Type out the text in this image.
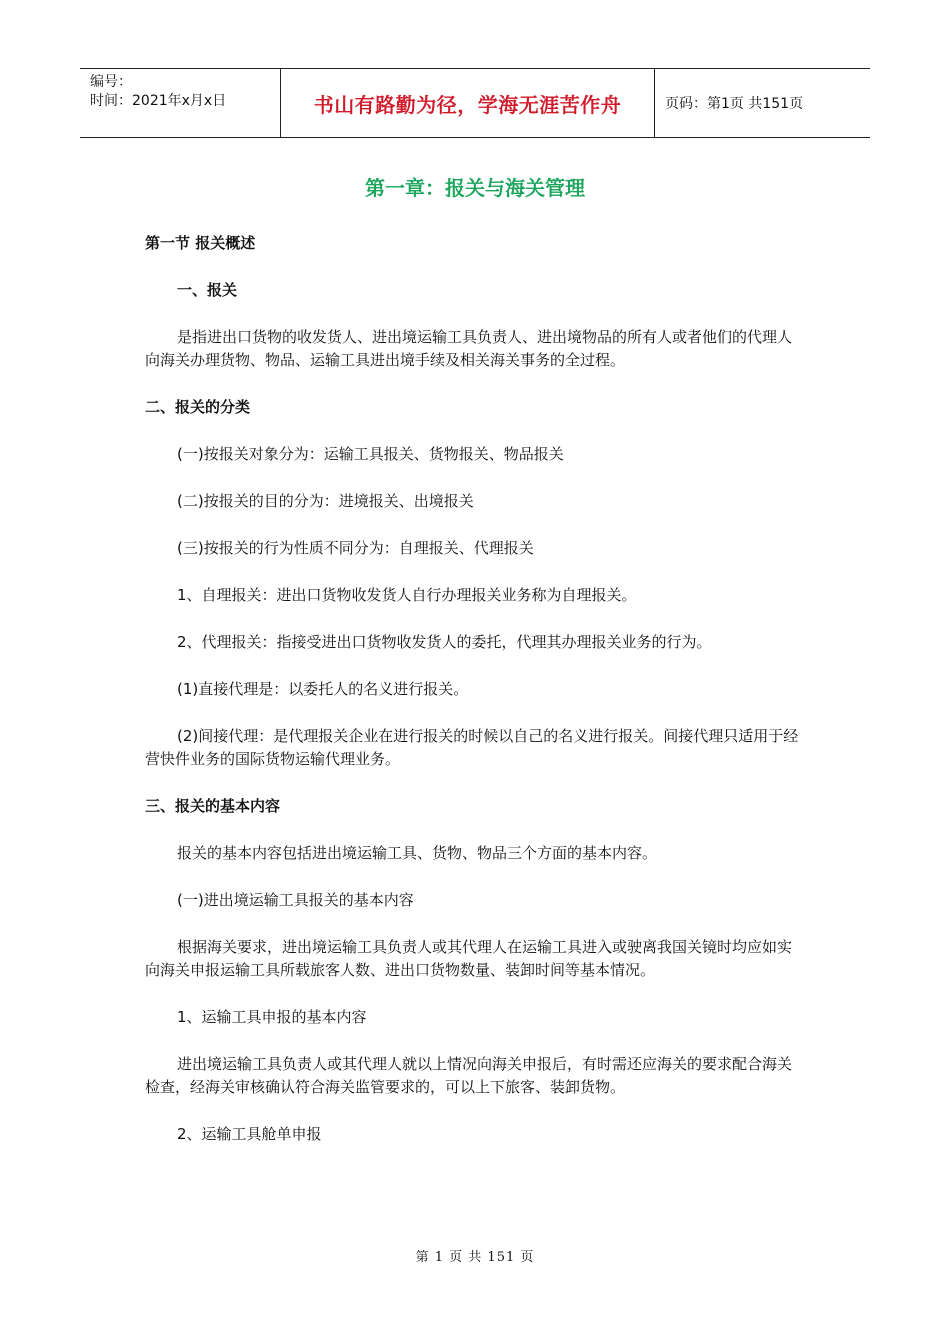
编号：
时间：2021年x月x日	书山有路勤为径，学海无涯苦作舟	页码：第1页 共151页
第一章：报关与海关管理

第一节 报关概述

一、报关

是指进出口货物的收发货人、进出境运输工具负责人、进出境物品的所有人或者他们的代理人向海关办理货物、物品、运输工具进出境手续及相关海关事务的全过程。

二、报关的分类

(一)按报关对象分为：运输工具报关、货物报关、物品报关

(二)按报关的目的分为：进境报关、出境报关

(三)按报关的行为性质不同分为：自理报关、代理报关

1、自理报关：进出口货物收发货人自行办理报关业务称为自理报关。

2、代理报关：指接受进出口货物收发货人的委托，代理其办理报关业务的行为。

(1)直接代理是：以委托人的名义进行报关。

(2)间接代理：是代理报关企业在进行报关的时候以自己的名义进行报关。间接代理只适用于经营快件业务的国际货物运输代理业务。

三、报关的基本内容

报关的基本内容包括进出境运输工具、货物、物品三个方面的基本内容。

(一)进出境运输工具报关的基本内容

根据海关要求，进出境运输工具负责人或其代理人在运输工具进入或驶离我国关镜时均应如实向海关申报运输工具所载旅客人数、进出口货物数量、装卸时间等基本情况。

1、运输工具申报的基本内容

进出境运输工具负责人或其代理人就以上情况向海关申报后，有时需还应海关的要求配合海关检查，经海关审核确认符合海关监管要求的，可以上下旅客、装卸货物。

2、运输工具舱单申报

第 1 页 共 151 页
